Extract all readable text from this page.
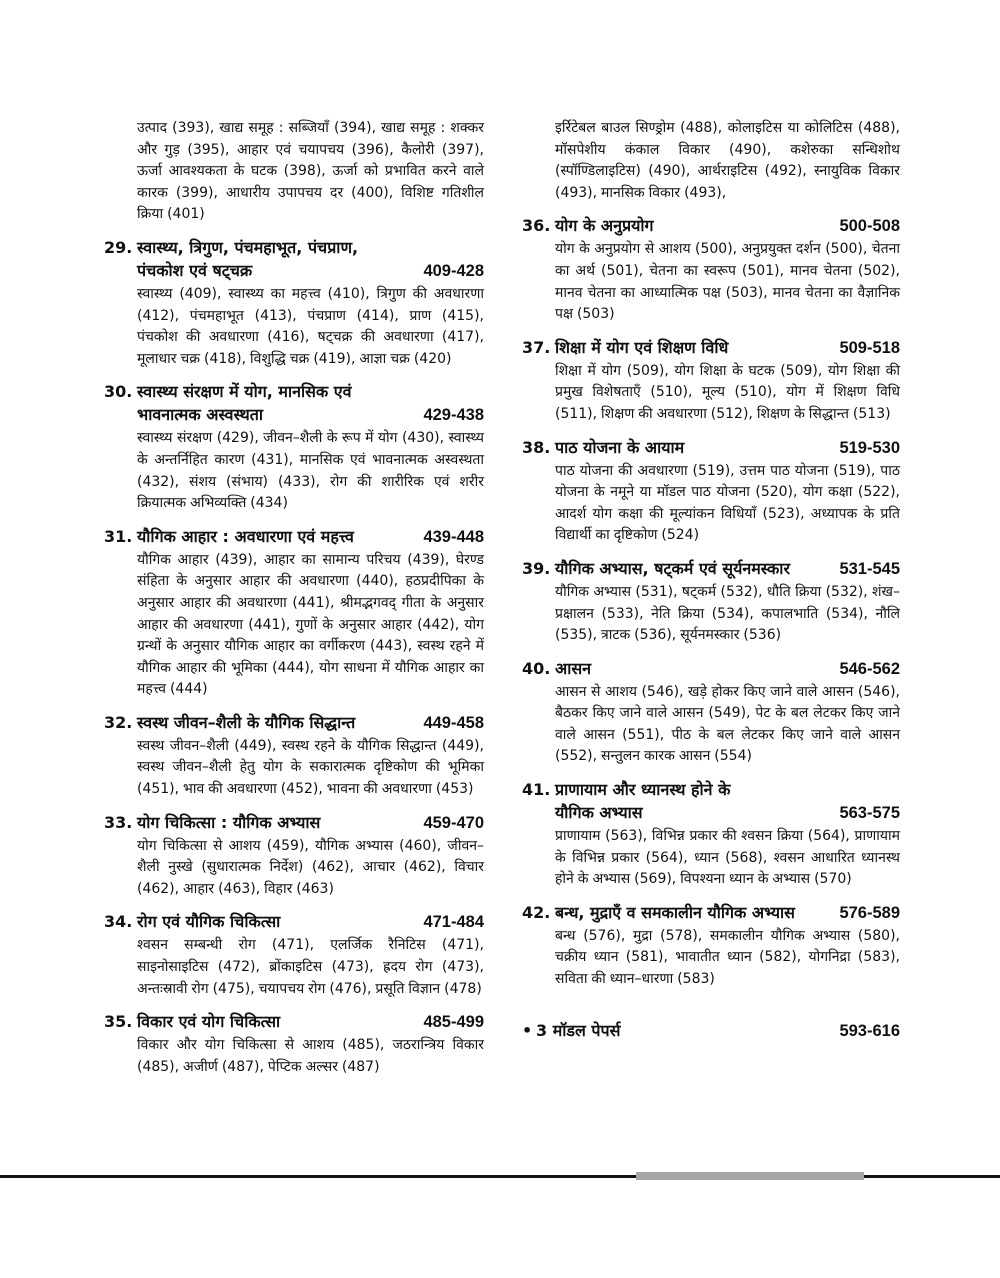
उत्पाद (393), खाद्य समूह : सब्जियाँ (394), खाद्य समूह : शक्कर और गुड़ (395), आहार एवं चयापचय (396), कैलोरी (397), ऊर्जा आवश्यकता के घटक (398), ऊर्जा को प्रभावित करने वाले कारक (399), आधारीय उपापचय दर (400), विशिष्ट गतिशील क्रिया (401)
29. स्वास्थ्य, त्रिगुण, पंचमहाभूत, पंचप्राण,
पंचकोश एवं षट्चक्र	409-428
स्वास्थ्य (409), स्वास्थ्य का महत्त्व (410), त्रिगुण की अवधारणा (412), पंचमहाभूत (413), पंचप्राण (414), प्राण (415), पंचकोश की अवधारणा (416), षट्चक्र की अवधारणा (417), मूलाधार चक्र (418), विशुद्धि चक्र (419), आज्ञा चक्र (420)
30. स्वास्थ्य संरक्षण में योग, मानसिक एवं
भावनात्मक अस्वस्थता	429-438
स्वास्थ्य संरक्षण (429), जीवन–शैली के रूप में योग (430), स्वास्थ्य के अन्तर्निहित कारण (431), मानसिक एवं भावनात्मक अस्वस्थता (432), संशय (संभाय) (433), रोग की शारीरिक एवं शरीर क्रियात्मक अभिव्यक्ति (434)
31. यौगिक आहार : अवधारणा एवं महत्त्व	439-448
यौगिक आहार (439), आहार का सामान्य परिचय (439), घेरण्ड संहिता के अनुसार आहार की अवधारणा (440), हठप्रदीपिका के अनुसार आहार की अवधारणा (441), श्रीमद्भगवद् गीता के अनुसार आहार की अवधारणा (441), गुणों के अनुसार आहार (442), योग ग्रन्थों के अनुसार यौगिक आहार का वर्गीकरण (443), स्वस्थ रहने में यौगिक आहार की भूमिका (444), योग साधना में यौगिक आहार का महत्त्व (444)
32. स्वस्थ जीवन–शैली के यौगिक सिद्धान्त	449-458
स्वस्थ जीवन–शैली (449), स्वस्थ रहने के यौगिक सिद्धान्त (449), स्वस्थ जीवन–शैली हेतु योग के सकारात्मक दृष्टिकोण की भूमिका (451), भाव की अवधारणा (452), भावना की अवधारणा (453)
33. योग चिकित्सा : यौगिक अभ्यास	459-470
योग चिकित्सा से आशय (459), यौगिक अभ्यास (460), जीवन–शैली नुस्खे (सुधारात्मक निर्देश) (462), आचार (462), विचार (462), आहार (463), विहार (463)
34. रोग एवं यौगिक चिकित्सा	471-484
श्वसन सम्बन्धी रोग (471), एलर्जिक रैनिटिस (471), साइनोसाइटिस (472), ब्रोंकाइटिस (473), ह्रदय रोग (473), अन्तःस्रावी रोग (475), चयापचय रोग (476), प्रसूति विज्ञान (478)
35. विकार एवं योग चिकित्सा	485-499
विकार और योग चिकित्सा से आशय (485), जठरान्त्रिय विकार (485), अजीर्ण (487), पेप्टिक अल्सर (487)
इर्रिटेबल बाउल सिण्ड्रोम (488), कोलाइटिस या कोलिटिस (488), मॉसपेशीय कंकाल विकार (490), कशेरुका सन्धिशोथ (स्पॉण्डिलाइटिस) (490), आर्थराइटिस (492), स्नायुविक विकार (493), मानसिक विकार (493),
36. योग के अनुप्रयोग	500-508
योग के अनुप्रयोग से आशय (500), अनुप्रयुक्त दर्शन (500), चेतना का अर्थ (501), चेतना का स्वरूप (501), मानव चेतना (502), मानव चेतना का आध्यात्मिक पक्ष (503), मानव चेतना का वैज्ञानिक पक्ष (503)
37. शिक्षा में योग एवं शिक्षण विधि	509-518
शिक्षा में योग (509), योग शिक्षा के घटक (509), योग शिक्षा की प्रमुख विशेषताएँ (510), मूल्य (510), योग में शिक्षण विधि (511), शिक्षण की अवधारणा (512), शिक्षण के सिद्धान्त (513)
38. पाठ योजना के आयाम	519-530
पाठ योजना की अवधारणा (519), उत्तम पाठ योजना (519), पाठ योजना के नमूने या मॉडल पाठ योजना (520), योग कक्षा (522), आदर्श योग कक्षा की मूल्यांकन विधियाँ (523), अध्यापक के प्रति विद्यार्थी का दृष्टिकोण (524)
39. यौगिक अभ्यास, षट्कर्म एवं सूर्यनमस्कार	531-545
यौगिक अभ्यास (531), षट्कर्म (532), धौति क्रिया (532), शंख–प्रक्षालन (533), नेति क्रिया (534), कपालभाति (534), नौलि (535), त्राटक (536), सूर्यनमस्कार (536)
40. आसन	546-562
आसन से आशय (546), खड़े होकर किए जाने वाले आसन (546), बैठकर किए जाने वाले आसन (549), पेट के बल लेटकर किए जाने वाले आसन (551), पीठ के बल लेटकर किए जाने वाले आसन (552), सन्तुलन कारक आसन (554)
41. प्राणायाम और ध्यानस्थ होने के
यौगिक अभ्यास	563-575
प्राणायाम (563), विभिन्न प्रकार की श्वसन क्रिया (564), प्राणायाम के विभिन्न प्रकार (564), ध्यान (568), श्वसन आधारित ध्यानस्थ होने के अभ्यास (569), विपश्यना ध्यान के अभ्यास (570)
42. बन्ध, मुद्राएँ व समकालीन यौगिक अभ्यास	576-589
बन्ध (576), मुद्रा (578), समकालीन यौगिक अभ्यास (580), चक्रीय ध्यान (581), भावातीत ध्यान (582), योगनिद्रा (583), सविता की ध्यान–धारणा (583)
• 3 मॉडल पेपर्स	593-616
